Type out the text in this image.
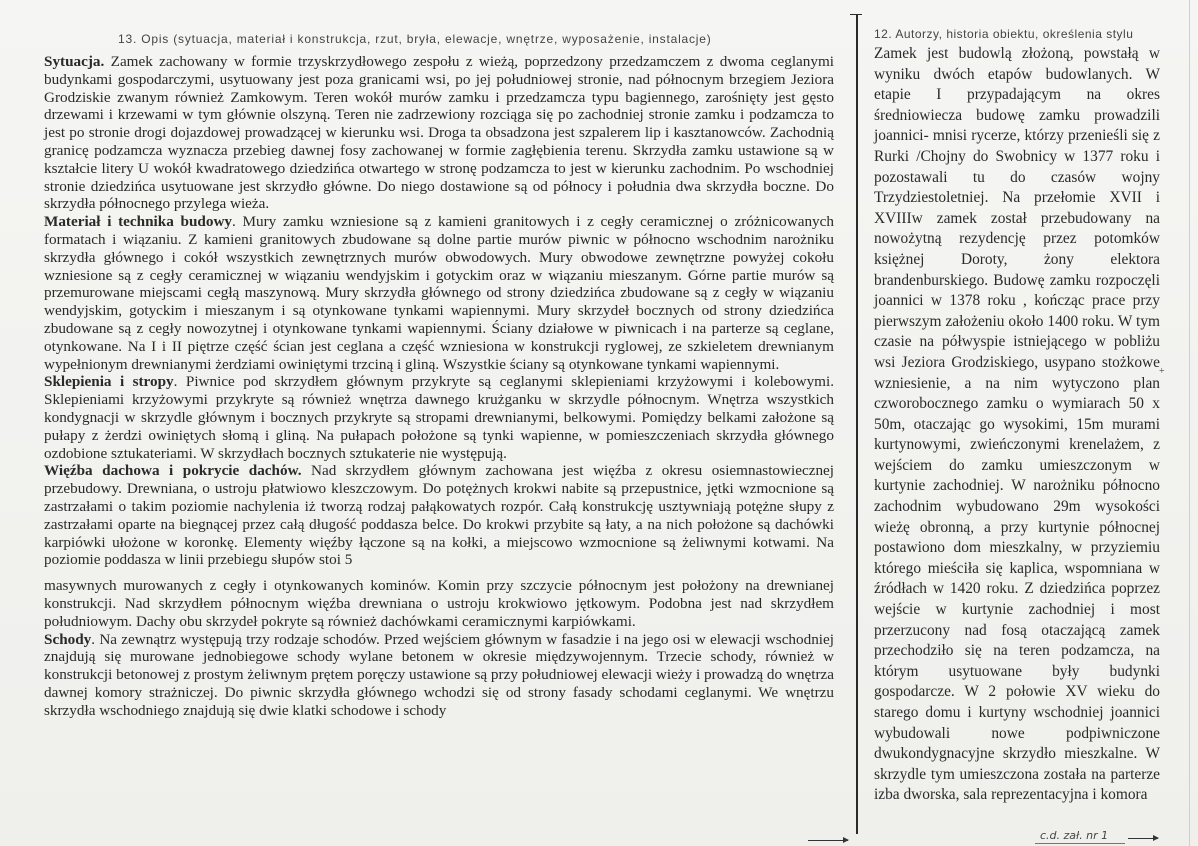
13. Opis (sytuacja, materiał i konstrukcja, rzut, bryła, elewacje, wnętrze, wyposażenie, instalacje)	12. Autorzy, historia obiektu, określenia stylu

Sytuacja. Zamek zachowany w formie trzyskrzydłowego zespołu z wieżą, poprzedzony przedzamczem z dwoma ceglanymi budynkami gospodarczymi, usytuowany jest poza granicami wsi, po jej południowej stronie, nad północnym brzegiem Jeziora Grodziskie zwanym również Zamkowym. Teren wokół murów zamku i przedzamcza typu bagiennego, zarośnięty jest gęsto drzewami i krzewami w tym głównie olszyną. Teren nie zadrzewiony rozciąga się po zachodniej stronie zamku i podzamcza to jest po stronie drogi dojazdowej prowadzącej w kierunku wsi. Droga ta obsadzona jest szpalerem lip i kasztanowców. Zachodnią granicę podzamcza wyznacza przebieg dawnej fosy zachowanej w formie zagłębienia terenu. Skrzydła zamku ustawione są w kształcie litery U wokół kwadratowego dziedzińca otwartego w stronę podzamcza to jest w kierunku zachodnim. Po wschodniej stronie dziedzińca usytuowane jest skrzydło główne. Do niego dostawione są od północy i południa dwa skrzydła boczne. Do skrzydła północnego przylega wieża.

Materiał i technika budowy. Mury zamku wzniesione są z kamieni granitowych i z cegły ceramicznej o zróżnicowanych formatach i wiązaniu. Z kamieni granitowych zbudowane są dolne partie murów piwnic w północno wschodnim narożniku skrzydła głównego i cokół wszystkich zewnętrznych murów obwodowych. Mury obwodowe zewnętrzne powyżej cokołu wzniesione są z cegły ceramicznej w wiązaniu wendyjskim i gotyckim oraz w wiązaniu mieszanym. Górne partie murów są przemurowane miejscami cegłą maszynową. Mury skrzydła głównego od strony dziedzińca zbudowane są z cegły w wiązaniu wendyjskim, gotyckim i mieszanym i są otynkowane tynkami wapiennymi. Mury skrzydeł bocznych od strony dziedzińca zbudowane są z cegły nowozytnej i otynkowane tynkami wapiennymi. Ściany działowe w piwnicach i na parterze są ceglane, otynkowane. Na I i II piętrze część ścian jest ceglana a część wzniesiona w konstrukcji ryglowej, ze szkieletem drewnianym wypełnionym drewnianymi żerdziami owiniętymi trzciną i gliną. Wszystkie ściany są otynkowane tynkami wapiennymi.

Sklepienia i stropy. Piwnice pod skrzydłem głównym przykryte są ceglanymi sklepieniami krzyżowymi i kolebowymi. Sklepieniami krzyżowymi przykryte są również wnętrza dawnego krużganku w skrzydle północnym. Wnętrza wszystkich kondygnacji w skrzydle głównym i bocznych przykryte są stropami drewnianymi, belkowymi. Pomiędzy belkami założone są pułapy z żerdzi owiniętych słomą i gliną. Na pułapach położone są tynki wapienne, w pomieszczeniach skrzydła głównego ozdobione sztukateriami. W skrzydłach bocznych sztukaterie nie występują.

Więźba dachowa i pokrycie dachów. Nad skrzydłem głównym zachowana jest więźba z okresu osiemnastowiecznej przebudowy. Drewniana, o ustroju płatwiowo kleszczowym. Do potężnych krokwi nabite są przepustnice, jętki wzmocnione są zastrzałami o takim poziomie nachylenia iż tworzą rodzaj pałąkowatych rozpór. Całą konstrukcję usztywniają potężne słupy z zastrzałami oparte na biegnącej przez całą długość poddasza belce. Do krokwi przybite są łaty, a na nich położone są dachówki karpiówki ułożone w koronkę. Elementy więźby łączone są na kołki, a miejscowo wzmocnione są żeliwnymi kotwami. Na poziomie poddasza w linii przebiegu słupów stoi 5

masywnych murowanych z cegły i otynkowanych kominów. Komin przy szczycie północnym jest położony na drewnianej konstrukcji. Nad skrzydłem północnym więźba drewniana o ustroju krokwiowo jętkowym. Podobna jest nad skrzydłem południowym. Dachy obu skrzydeł pokryte są również dachówkami ceramicznymi karpiówkami.

Schody. Na zewnątrz występują trzy rodzaje schodów. Przed wejściem głównym w fasadzie i na jego osi w elewacji wschodniej znajdują się murowane jednobiegowe schody wylane betonem w okresie międzywojennym. Trzecie schody, również w konstrukcji betonowej z prostym żeliwnym prętem poręczy ustawione są przy południowej elewacji wieży i prowadzą do wnętrza dawnej komory strażniczej. Do piwnic skrzydła głównego wchodzi się od strony fasady schodami ceglanymi. We wnętrzu skrzydła wschodniego znajdują się dwie klatki schodowe i schody

Zamek jest budowlą złożoną, powstałą w wyniku dwóch etapów budowlanych. W etapie I przypadającym na okres średniowiecza budowę zamku prowadzili joannici- mnisi rycerze, którzy przenieśli się z Rurki /Chojny do Swobnicy w 1377 roku i pozostawali tu do czasów wojny Trzydziestoletniej. Na przełomie XVII i XVIIIw zamek został przebudowany na nowożytną rezydencję przez potomków księżnej Doroty, żony elektora brandenburskiego. Budowę zamku rozpoczęli joannici w 1378 roku , kończąc prace przy pierwszym założeniu około 1400 roku. W tym czasie na półwyspie istniejącego w pobliżu wsi Jeziora Grodziskiego, usypano stożkowe wzniesienie, a na nim wytyczono plan czworobocznego zamku o wymiarach 50 x 50m, otaczając go wysokimi, 15m murami kurtynowymi, zwieńczonymi krenelażem, z wejściem do zamku umieszczonym w kurtynie zachodniej. W narożniku północno zachodnim wybudowano 29m wysokości wieżę obronną, a przy kurtynie północnej postawiono dom mieszkalny, w przyziemiu którego mieściła się kaplica, wspomniana w źródłach w 1420 roku. Z dziedzińca poprzez wejście w kurtynie zachodniej i most przerzucony nad fosą otaczającą zamek przechodziło się na teren podzamcza, na którym usytuowane były budynki gospodarcze. W 2 połowie XV wieku do starego domu i kurtyny wschodniej joannici wybudowali nowe podpiwniczone dwukondygnacyjne skrzydło mieszkalne. W skrzydle tym umieszczona została na parterze izba dworska, sala reprezentacyjna i komora

+
c.d. zał. nr 1
